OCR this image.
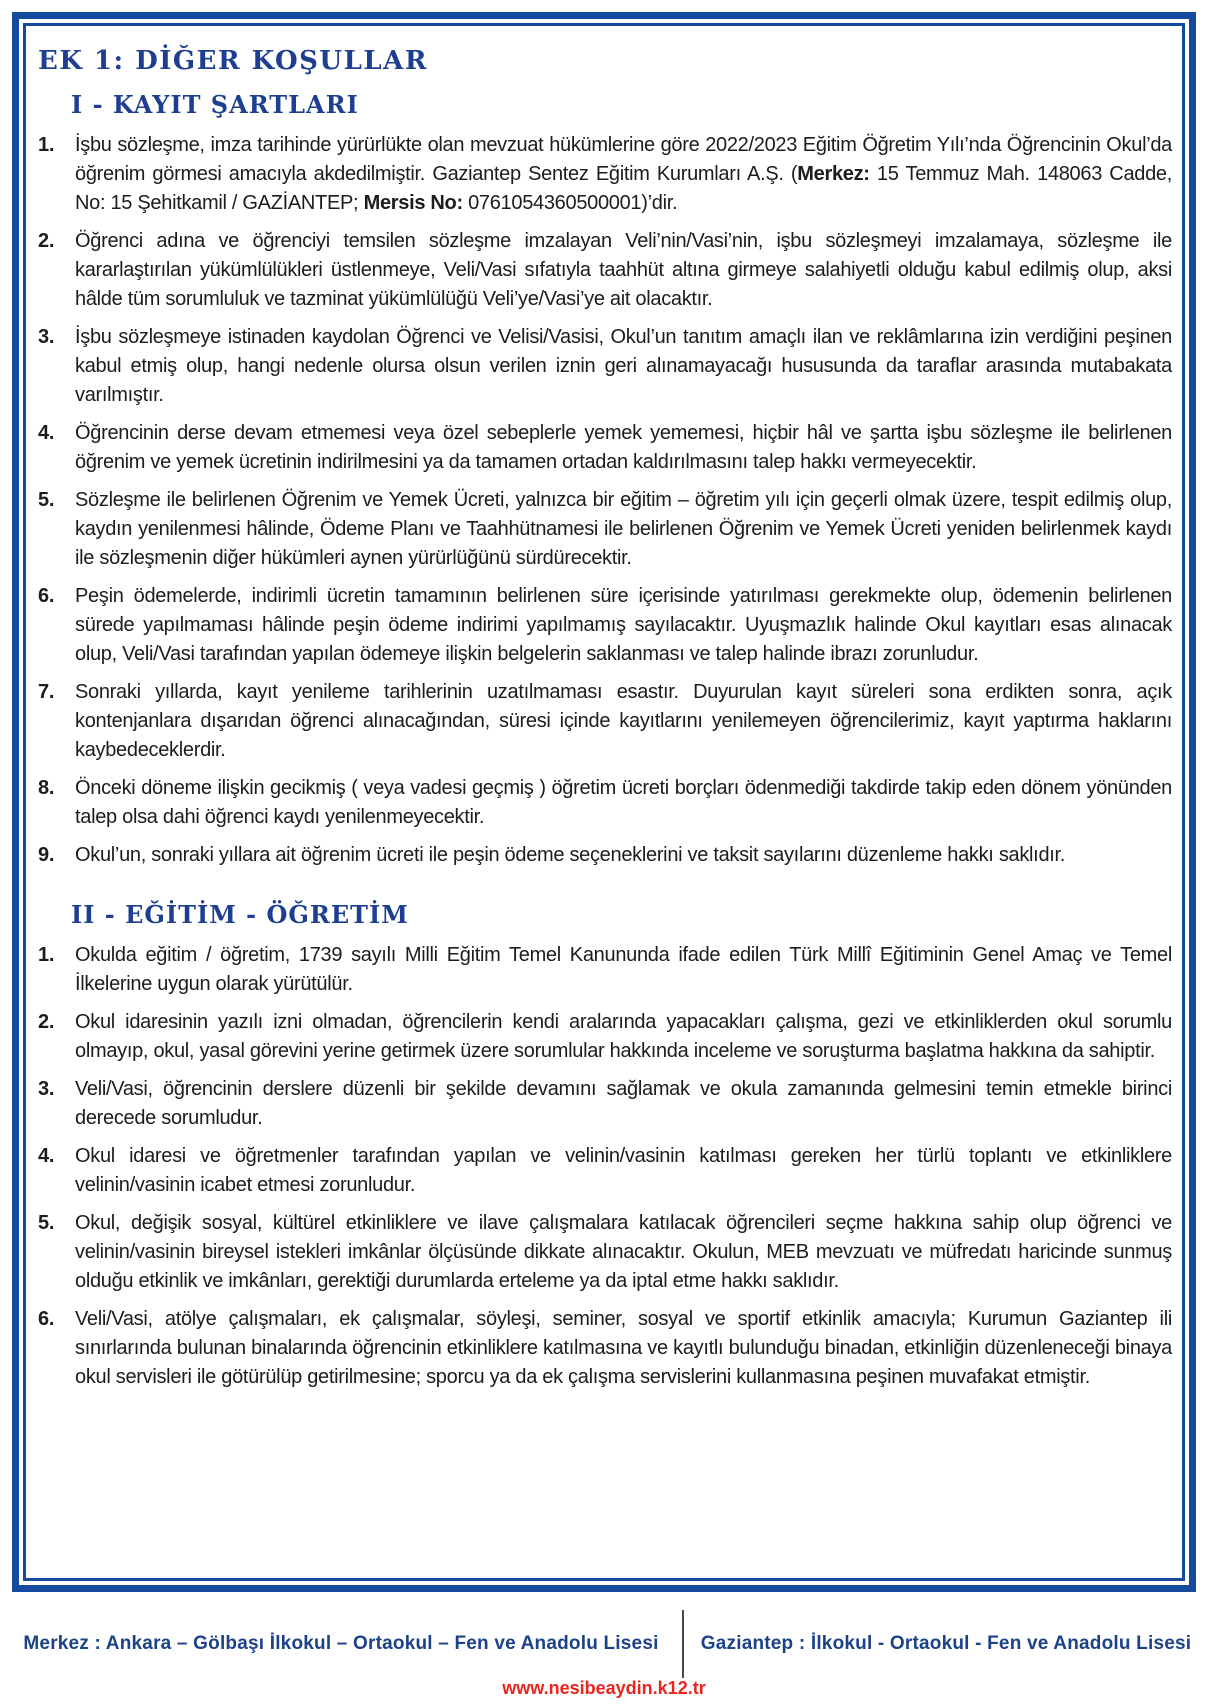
EK 1: DİĞER KOŞULLAR
I - KAYIT ŞARTLARI
1.	İşbu sözleşme, imza tarihinde yürürlükte olan mevzuat hükümlerine göre 2022/2023 Eğitim Öğretim Yılı’nda Öğrencinin Okul’da öğrenim görmesi amacıyla akdedilmiştir. Gaziantep Sentez Eğitim Kurumları A.Ş. (Merkez: 15 Temmuz Mah. 148063 Cadde, No: 15 Şehitkamil / GAZİANTEP; Mersis No: 0761054360500001)’dir.
2.	Öğrenci adına ve öğrenciyi temsilen sözleşme imzalayan Veli’nin/Vasi’nin, işbu sözleşmeyi imzalamaya, sözleşme ile kararlaştırılan yükümlülükleri üstlenmeye, Veli/Vasi sıfatıyla taahhüt altına girmeye salahiyetli olduğu kabul edilmiş olup, aksi hâlde tüm sorumluluk ve tazminat yükümlülüğü Veli’ye/Vasi’ye ait olacaktır.
3.	İşbu sözleşmeye istinaden kaydolan Öğrenci ve Velisi/Vasisi, Okul’un tanıtım amaçlı ilan ve reklâmlarına izin verdiğini peşinen kabul etmiş olup, hangi nedenle olursa olsun verilen iznin geri alınamayacağı hususunda da taraflar arasında mutabakata varılmıştır.
4.	Öğrencinin derse devam etmemesi veya özel sebeplerle yemek yememesi, hiçbir hâl ve şartta işbu sözleşme ile belirlenen öğrenim ve yemek ücretinin indirilmesini ya da tamamen ortadan kaldırılmasını talep hakkı vermeyecektir.
5.	Sözleşme ile belirlenen Öğrenim ve Yemek Ücreti, yalnızca bir eğitim – öğretim yılı için geçerli olmak üzere, tespit edilmiş olup, kaydın yenilenmesi hâlinde, Ödeme Planı ve Taahhütnamesi ile belirlenen Öğrenim ve Yemek Ücreti yeniden belirlenmek kaydı ile sözleşmenin diğer hükümleri aynen yürürlüğünü sürdürecektir.
6.	Peşin ödemelerde, indirimli ücretin tamamının belirlenen süre içerisinde yatırılması gerekmekte olup, ödemenin belirlenen sürede yapılmaması hâlinde peşin ödeme indirimi yapılmamış sayılacaktır. Uyuşmazlık halinde Okul kayıtları esas alınacak olup, Veli/Vasi tarafından yapılan ödemeye ilişkin belgelerin saklanması ve talep halinde ibrazı zorunludur.
7.	Sonraki yıllarda, kayıt yenileme tarihlerinin uzatılmaması esastır. Duyurulan kayıt süreleri sona erdikten sonra, açık kontenjanlara dışarıdan öğrenci alınacağından, süresi içinde kayıtlarını yenilemeyen öğrencilerimiz, kayıt yaptırma haklarını kaybedeceklerdir.
8.	Önceki döneme ilişkin gecikmiş ( veya vadesi geçmiş ) öğretim ücreti borçları ödenmediği takdirde takip eden dönem yönünden talep olsa dahi öğrenci kaydı yenilenmeyecektir.
9.	Okul’un, sonraki yıllara ait öğrenim ücreti ile peşin ödeme seçeneklerini ve taksit sayılarını düzenleme hakkı saklıdır.
II - EĞİTİM - ÖĞRETİM
1.	Okulda eğitim / öğretim, 1739 sayılı Milli Eğitim Temel Kanununda ifade edilen Türk Millî Eğitiminin Genel Amaç ve Temel İlkelerine uygun olarak yürütülür.
2.	Okul idaresinin yazılı izni olmadan, öğrencilerin kendi aralarında yapacakları çalışma, gezi ve etkinliklerden okul sorumlu olmayıp, okul, yasal görevini yerine getirmek üzere sorumlular hakkında inceleme ve soruşturma başlatma hakkına da sahiptir.
3.	Veli/Vasi, öğrencinin derslere düzenli bir şekilde devamını sağlamak ve okula zamanında gelmesini temin etmekle birinci derecede sorumludur.
4.	Okul idaresi ve öğretmenler tarafından yapılan ve velinin/vasinin katılması gereken her türlü toplantı ve etkinliklere velinin/vasinin icabet etmesi zorunludur.
5.	Okul, değişik sosyal, kültürel etkinliklere ve ilave çalışmalara katılacak öğrencileri seçme hakkına sahip olup öğrenci ve velinin/vasinin bireysel istekleri imkânlar ölçüsünde dikkate alınacaktır. Okulun, MEB mevzuatı ve müfredatı haricinde sunmuş olduğu etkinlik ve imkânları, gerektiği durumlarda erteleme ya da iptal etme hakkı saklıdır.
6.	Veli/Vasi, atölye çalışmaları, ek çalışmalar, söyleşi, seminer, sosyal ve sportif etkinlik amacıyla; Kurumun Gaziantep ili sınırlarında bulunan binalarında öğrencinin etkinliklere katılmasına ve kayıtlı bulunduğu binadan, etkinliğin düzenleneceği binaya okul servisleri ile götürülüp getirilmesine; sporcu ya da ek çalışma servislerini kullanmasına peşinen muvafakat etmiştir.
Merkez : Ankara – Gölbaşı İlkokul – Ortaokul – Fen ve Anadolu Lisesi	Gaziantep : İlkokul - Ortaokul - Fen ve Anadolu Lisesi
www.nesibeaydin.k12.tr
